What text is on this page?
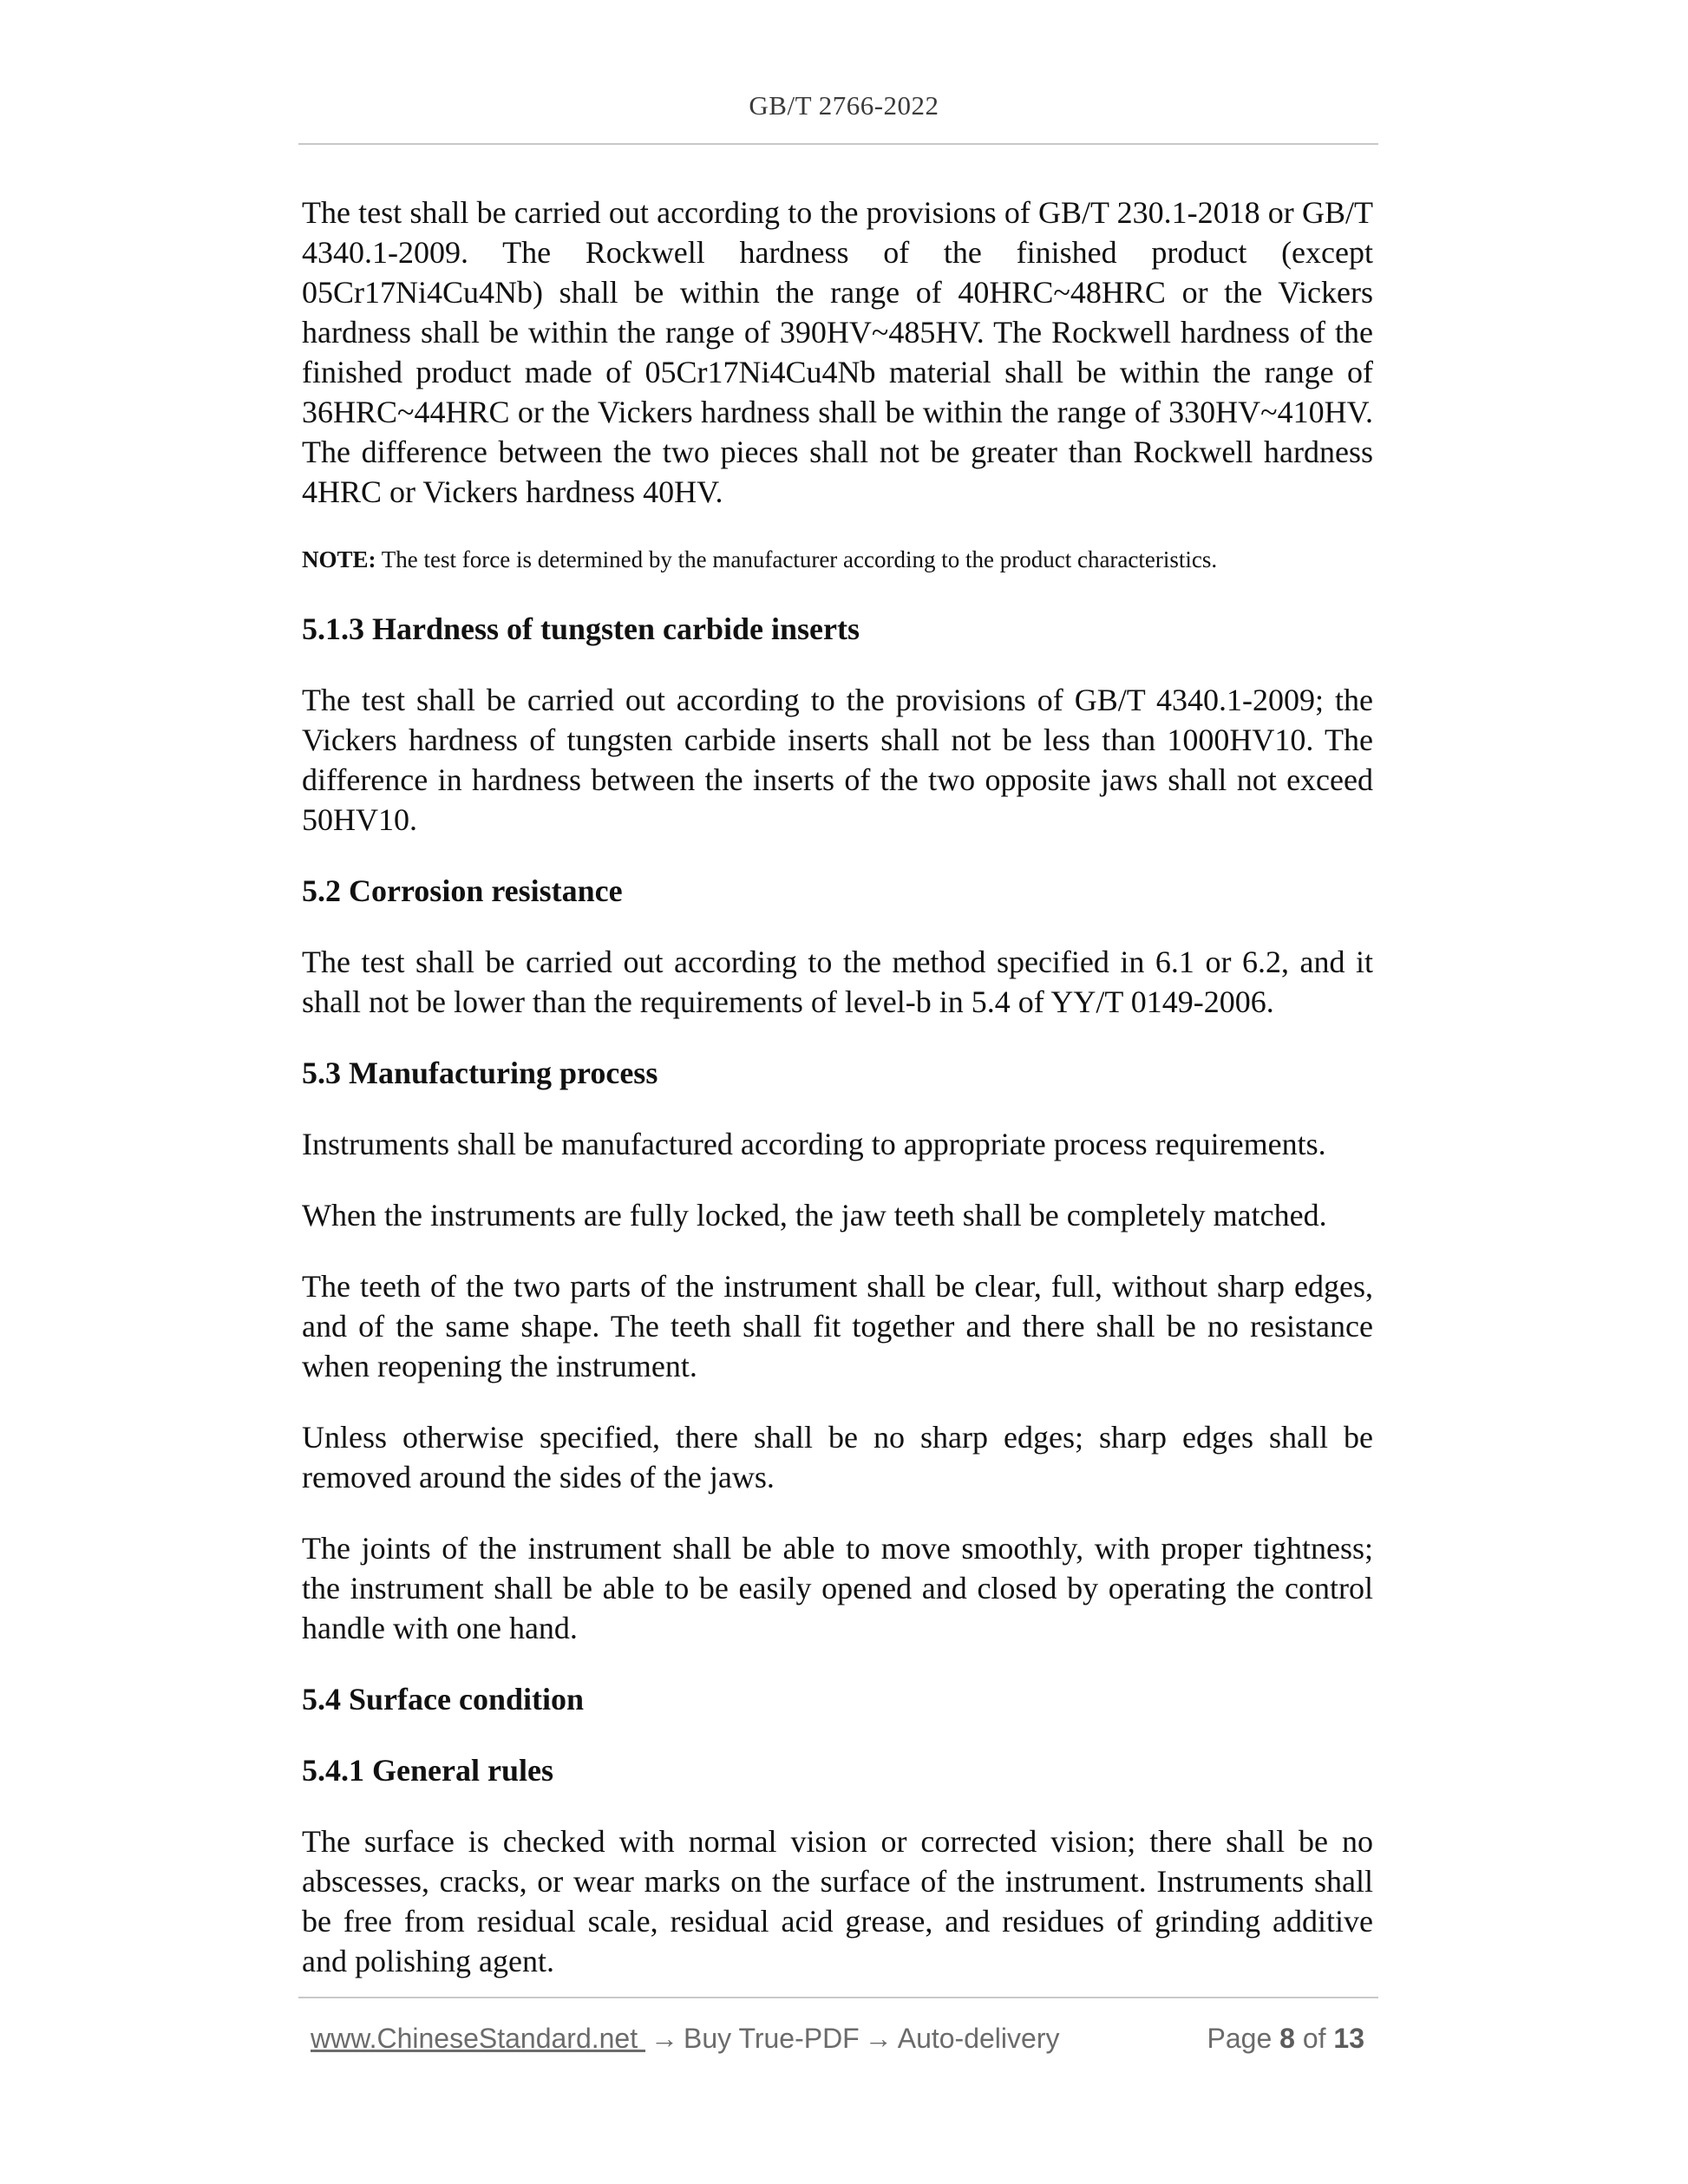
GB/T 2766-2022

The test shall be carried out according to the provisions of GB/T 230.1-2018 or GB/T 4340.1-2009. The Rockwell hardness of the finished product (except 05Cr17Ni4Cu4Nb) shall be within the range of 40HRC~48HRC or the Vickers hardness shall be within the range of 390HV~485HV. The Rockwell hardness of the finished product made of 05Cr17Ni4Cu4Nb material shall be within the range of 36HRC~44HRC or the Vickers hardness shall be within the range of 330HV~410HV. The difference between the two pieces shall not be greater than Rockwell hardness 4HRC or Vickers hardness 40HV.

NOTE: The test force is determined by the manufacturer according to the product characteristics.

5.1.3 Hardness of tungsten carbide inserts

The test shall be carried out according to the provisions of GB/T 4340.1-2009; the Vickers hardness of tungsten carbide inserts shall not be less than 1000HV10. The difference in hardness between the inserts of the two opposite jaws shall not exceed 50HV10.

5.2 Corrosion resistance

The test shall be carried out according to the method specified in 6.1 or 6.2, and it shall not be lower than the requirements of level-b in 5.4 of YY/T 0149-2006.

5.3 Manufacturing process

Instruments shall be manufactured according to appropriate process requirements.

When the instruments are fully locked, the jaw teeth shall be completely matched.

The teeth of the two parts of the instrument shall be clear, full, without sharp edges, and of the same shape. The teeth shall fit together and there shall be no resistance when reopening the instrument.

Unless otherwise specified, there shall be no sharp edges; sharp edges shall be removed around the sides of the jaws.

The joints of the instrument shall be able to move smoothly, with proper tightness; the instrument shall be able to be easily opened and closed by operating the control handle with one hand.

5.4 Surface condition
5.4.1 General rules

The surface is checked with normal vision or corrected vision; there shall be no abscesses, cracks, or wear marks on the surface of the instrument. Instruments shall be free from residual scale, residual acid grease, and residues of grinding additive and polishing agent.

www.ChineseStandard.net → Buy True-PDF → Auto-delivery	Page 8 of 13
